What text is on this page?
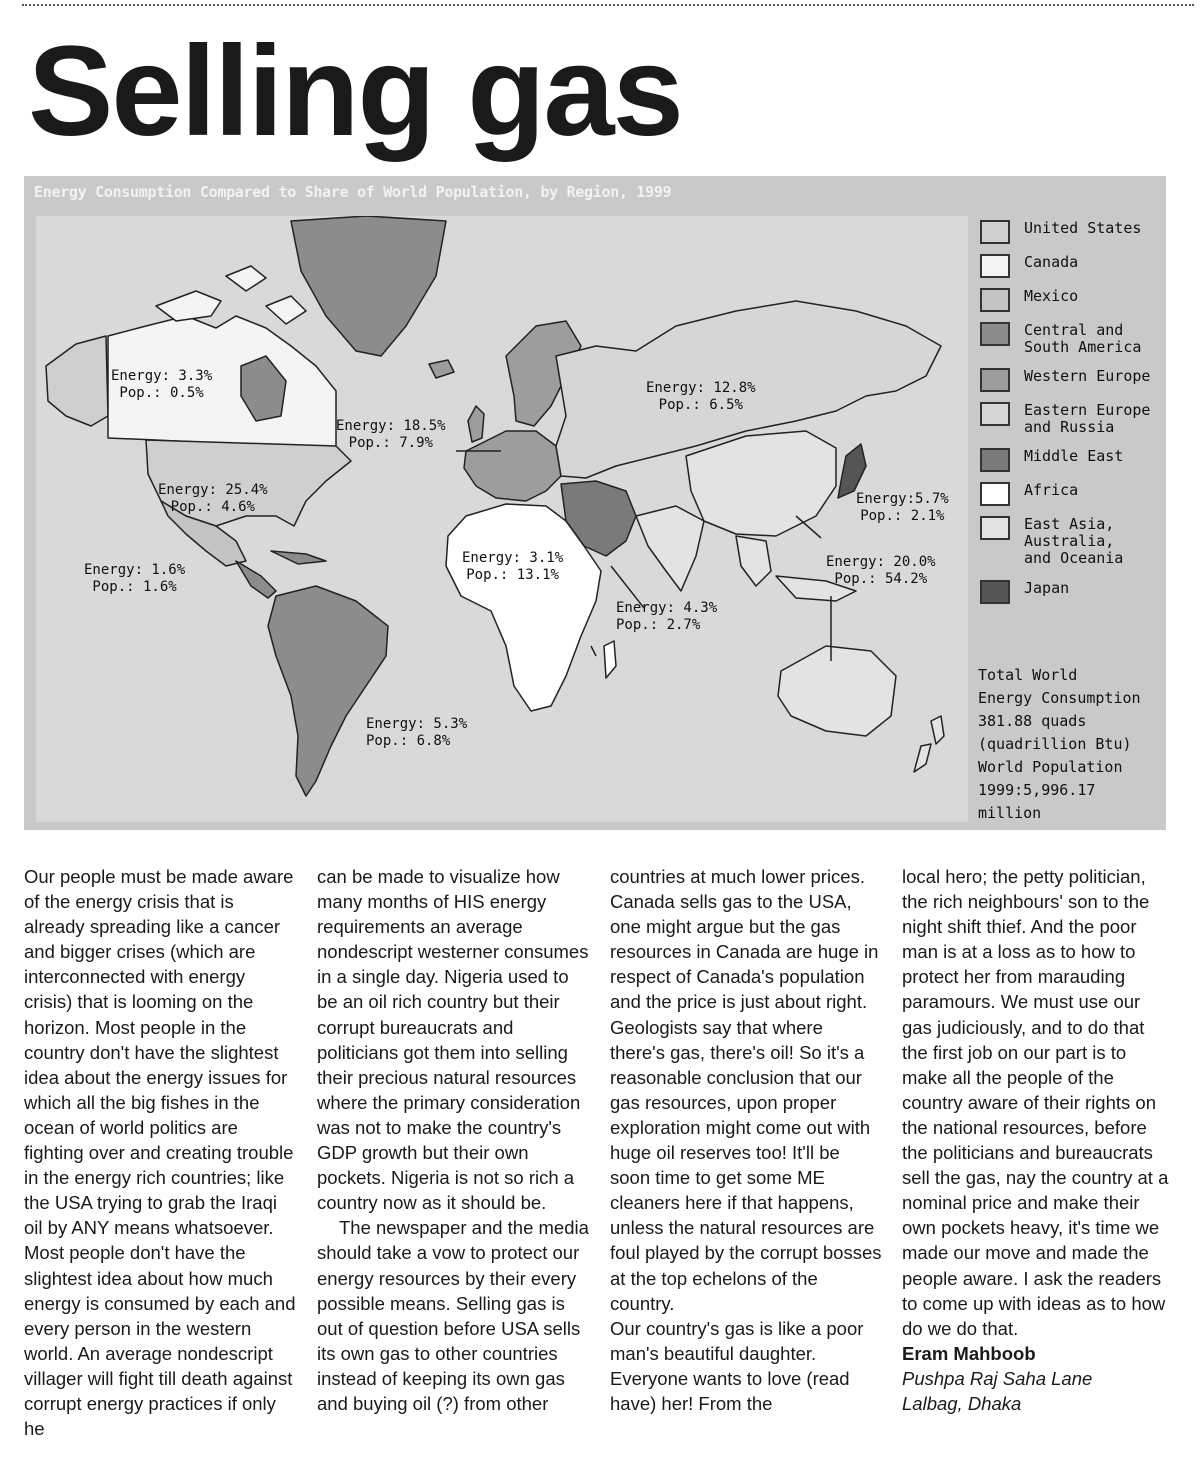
Selling gas
Energy Consumption Compared to Share of World Population, by Region, 1999
Energy: 3.3%
Pop.: 0.5%
Energy: 18.5%
Pop.: 7.9%
Energy: 12.8%
Pop.: 6.5%
Energy: 25.4%
Pop.: 4.6%	Energy:5.7%
Pop.: 2.1%
Energy: 1.6%
Pop.: 1.6%
Energy: 3.1%
Pop.: 13.1%
Energy: 20.0%
Pop.: 54.2%
Energy: 4.3%
Pop.: 2.7%
Energy: 5.3%
Pop.: 6.8%
United States
Canada
Mexico
Central and South America
Western Europe
Eastern Europe and Russia
Middle East
Africa
East Asia, Australia, and Oceania
Japan
Total World
Energy Consumption
381.88 quads
(quadrillion Btu)
World Population
1999:5,996.17
million

Our people must be made aware of the energy crisis that is already spreading like a cancer and bigger crises (which are interconnected with energy crisis) that is looming on the horizon. Most people in the country don't have the slightest idea about the energy issues for which all the big fishes in the ocean of world politics are fighting over and creating trouble in the energy rich countries; like the USA trying to grab the Iraqi oil by ANY means whatsoever. Most people don't have the slightest idea about how much energy is consumed by each and every person in the western world. An average nondescript villager will fight till death against corrupt energy practices if only he

can be made to visualize how many months of HIS energy requirements an average nondescript westerner consumes in a single day. Nigeria used to be an oil rich country but their corrupt bureaucrats and politicians got them into selling their precious natural resources where the primary consideration was not to make the country's GDP growth but their own pockets. Nigeria is not so rich a country now as it should be.

The newspaper and the media should take a vow to protect our energy resources by their every possible means. Selling gas is out of question before USA sells its own gas to other countries instead of keeping its own gas and buying oil (?) from other

countries at much lower prices. Canada sells gas to the USA, one might argue but the gas resources in Canada are huge in respect of Canada's population and the price is just about right. Geologists say that where there's gas, there's oil! So it's a reasonable conclusion that our gas resources, upon proper exploration might come out with huge oil reserves too! It'll be soon time to get some ME cleaners here if that happens, unless the natural resources are foul played by the corrupt bosses at the top echelons of the country.

Our country's gas is like a poor man's beautiful daughter. Everyone wants to love (read have) her! From the

local hero; the petty politician, the rich neighbours' son to the night shift thief. And the poor man is at a loss as to how to protect her from marauding paramours. We must use our gas judiciously, and to do that the first job on our part is to make all the people of the country aware of their rights on the national resources, before the politicians and bureaucrats sell the gas, nay the country at a nominal price and make their own pockets heavy, it's time we made our move and made the people aware. I ask the readers to come up with ideas as to how do we do that.

Eram Mahboob

Pushpa Raj Saha Lane

Lalbag, Dhaka
